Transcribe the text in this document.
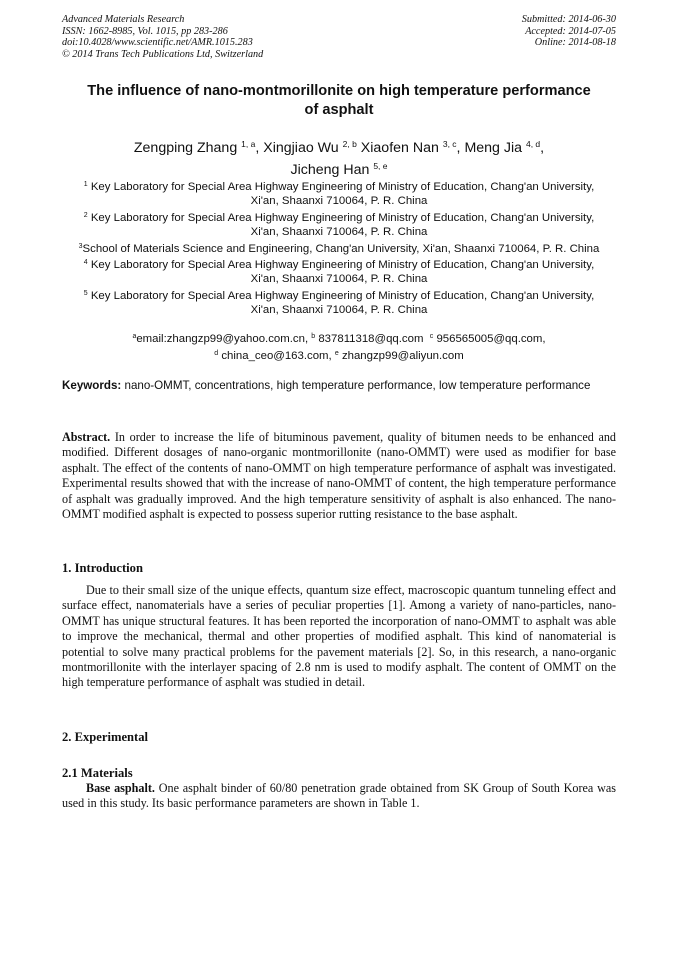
Advanced Materials Research
ISSN: 1662-8985, Vol. 1015, pp 283-286
doi:10.4028/www.scientific.net/AMR.1015.283
© 2014 Trans Tech Publications Ltd, Switzerland
Submitted: 2014-06-30
Accepted: 2014-07-05
Online: 2014-08-18
The influence of nano-montmorillonite on high temperature performance
of asphalt
Zengping Zhang $^{1, a}$, Xingjiao Wu $^{2, b}$ Xiaofen Nan $^{3, c}$, Meng Jia $^{4, d}$,
Jicheng Han $^{5, e}$

$^1$ Key Laboratory for Special Area Highway Engineering of Ministry of Education, Chang'an University, Xi'an, Shaanxi 710064, P. R. China

$^2$ Key Laboratory for Special Area Highway Engineering of Ministry of Education, Chang'an University, Xi'an, Shaanxi 710064, P. R. China

$^3$School of Materials Science and Engineering, Chang'an University, Xi'an, Shaanxi 710064, P. R. China

$^4$ Key Laboratory for Special Area Highway Engineering of Ministry of Education, Chang'an University, Xi'an, Shaanxi 710064, P. R. China

$^5$ Key Laboratory for Special Area Highway Engineering of Ministry of Education, Chang'an University, Xi'an, Shaanxi 710064, P. R. China

$^a$email:zhangzp99@yahoo.com.cn, $^b$ 837811318@qq.com $^c$ 956565005@qq.com,
$^d$ china_ceo@163.com, $^e$ zhangzp99@aliyun.com
Keywords: nano-OMMT, concentrations, high temperature performance, low temperature performance

Abstract. In order to increase the life of bituminous pavement, quality of bitumen needs to be enhanced and modified. Different dosages of nano-organic montmorillonite (nano-OMMT) were used as modifier for base asphalt. The effect of the contents of nano-OMMT on high temperature performance of asphalt was investigated. Experimental results showed that with the increase of nano-OMMT of content, the high temperature performance of asphalt was gradually improved. And the high temperature sensitivity of asphalt is also enhanced. The nano-OMMT modified asphalt is expected to possess superior rutting resistance to the base asphalt.

1. Introduction

Due to their small size of the unique effects, quantum size effect, macroscopic quantum tunneling effect and surface effect, nanomaterials have a series of peculiar properties [1]. Among a variety of nano-particles, nano-OMMT has unique structural features. It has been reported the incorporation of nano-OMMT to asphalt was able to improve the mechanical, thermal and other properties of modified asphalt. This kind of nanomaterial is potential to solve many practical problems for the pavement materials [2]. So, in this research, a nano-organic montmorillonite with the interlayer spacing of 2.8 nm is used to modify asphalt. The content of OMMT on the high temperature performance of asphalt was studied in detail.

2. Experimental
2.1 Materials

Base asphalt. One asphalt binder of 60/80 penetration grade obtained from SK Group of South Korea was used in this study. Its basic performance parameters are shown in Table 1.
